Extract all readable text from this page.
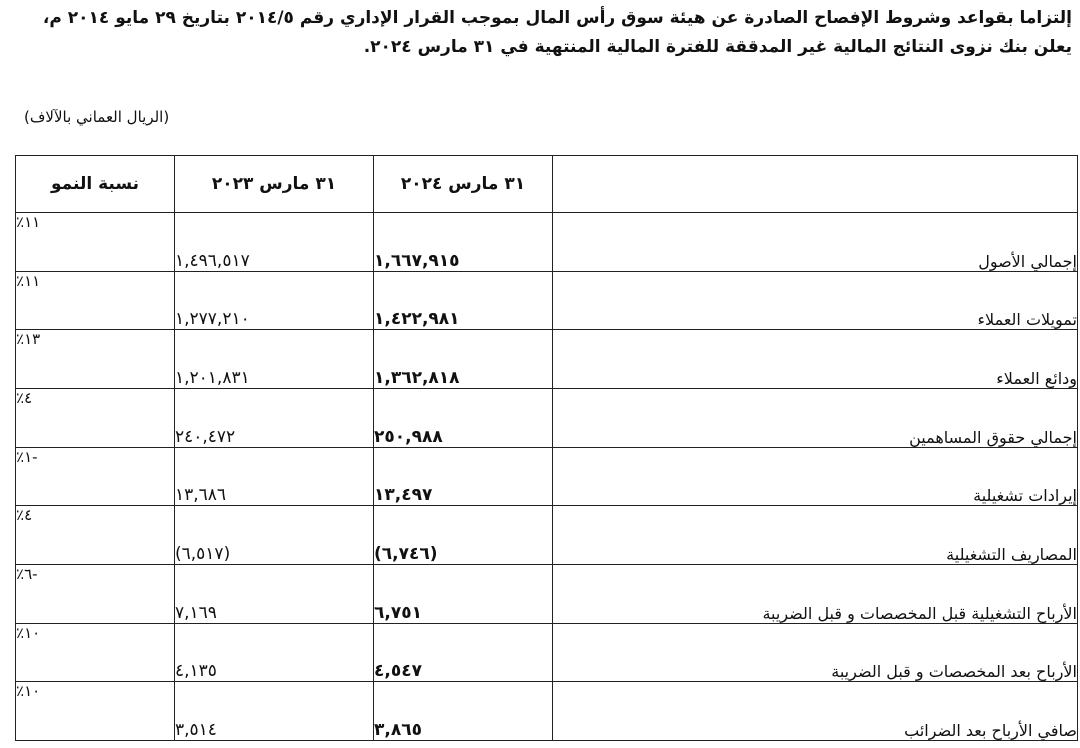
إلتزاما بقواعد وشروط الإفصاح الصادرة عن هيئة سوق رأس المال بموجب القرار الإداري رقم ٢٠١٤/٥ بتاريخ ٢٩ مايو ٢٠١٤ م،
يعلن بنك نزوى النتائج المالية غير المدققة للفترة المالية المنتهية في ٣١ مارس ٢٠٢٤.
(الريال العماني بالآلاف)
	٣١ مارس ٢٠٢٤	٣١ مارس ٢٠٢٣	نسبة النمو
إجمالي الأصول	١,٦٦٧,٩١٥	١,٤٩٦,٥١٧	١١٪
تمويلات العملاء	١,٤٢٢,٩٨١	١,٢٧٧,٢١٠	١١٪
ودائع العملاء	١,٣٦٢,٨١٨	١,٢٠١,٨٣١	١٣٪
إجمالي حقوق المساهمين	٢٥٠,٩٨٨	٢٤٠,٤٧٢	٤٪
إيرادات تشغيلية	١٣,٤٩٧	١٣,٦٨٦	-١٪
المصاريف التشغيلية	(٦,٧٤٦)	(٦,٥١٧)	٤٪
الأرباح التشغيلية قبل المخصصات و قبل الضريبة	٦,٧٥١	٧,١٦٩	-٦٪
الأرباح بعد المخصصات و قبل الضريبة	٤,٥٤٧	٤,١٣٥	١٠٪
صافي الأرباح بعد الضرائب	٣,٨٦٥	٣,٥١٤	١٠٪
